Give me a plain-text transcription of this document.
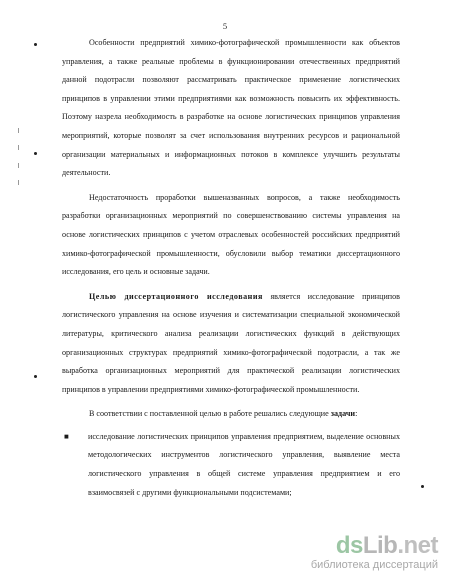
5

Особенности предприятий химико-фотографической промышленности как объектов управления, а также реальные проблемы в функционировании отечественных предприятий данной подотрасли позволяют рассматривать практическое применение логистических принципов в управлении этими предприятиями как возможность повысить их эффективность. Поэтому назрела необходимость в разработке на основе логистических принципов управления мероприятий, которые позволят за счет использования внутренних ресурсов и рациональной организации материальных и информационных потоков в комплексе улучшить результаты деятельности.

Недостаточность проработки вышеназванных вопросов, а также необходимость разработки организационных мероприятий по совершенствованию системы управления на основе логистических принципов с учетом отраслевых особенностей российских предприятий химико-фотографической промышленности, обусловили выбор тематики диссертационного исследования, его цель и основные задачи.

Целью диссертационного исследования является исследование принципов логистического управления на основе изучения и систематизации специальной экономической литературы, критического анализа реализации логистических функций в действующих организационных структурах предприятий химико-фотографической подотрасли, а так же выработка организационных мероприятий для практической реализации логистических принципов в управлении предприятиями химико-фотографической промышленности.

В соответствии с поставленной целью в работе решались следующие задачи:

■ исследование логистических принципов управления предприятием, выделение основных методологических инструментов логистического управления, выявление места логистического управления в общей системе управления предприятием и его взаимосвязей с другими функциональными подсистемами;
dsLib.net
библиотека диссертаций
